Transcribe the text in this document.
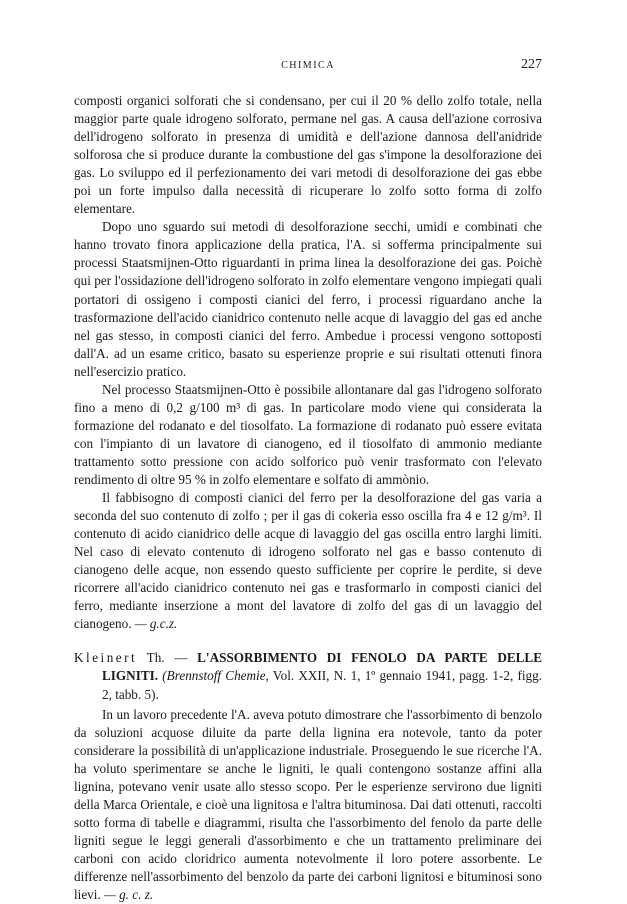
CHIMICA	227

composti organici solforati che si condensano, per cui il 20 % dello zolfo totale, nella maggior parte quale idrogeno solforato, permane nel gas. A causa dell'azione corrosiva dell'idrogeno solforato in presenza di umidità e dell'azione dannosa dell'anidride solforosa che si produce durante la combustione del gas s'impone la desolforazione dei gas. Lo sviluppo ed il perfezionamento dei vari metodi di desolforazione dei gas ebbe poi un forte impulso dalla necessità di ricuperare lo zolfo sotto forma di zolfo elementare.

Dopo uno sguardo sui metodi di desolforazione secchi, umidi e combinati che hanno trovato finora applicazione della pratica, l'A. si sofferma principalmente sui processi Staatsmijnen-Otto riguardanti in prima linea la desolforazione dei gas. Poichè qui per l'ossidazione dell'idrogeno solforato in zolfo elementare vengono impiegati quali portatori di ossigeno i composti cianici del ferro, i processi riguardano anche la trasformazione dell'acido cianidrico contenuto nelle acque di lavaggio del gas ed anche nel gas stesso, in composti cianici del ferro. Ambedue i processi vengono sottoposti dall'A. ad un esame critico, basato su esperienze proprie e sui risultati ottenuti finora nell'esercizio pratico.

Nel processo Staatsmijnen-Otto è possibile allontanare dal gas l'idrogeno solforato fino a meno di 0,2 g/100 m³ di gas. In particolare modo viene qui considerata la formazione del rodanato e del tiosolfato. La formazione di rodanato può essere evitata con l'impianto di un lavatore di cianogeno, ed il tiosolfato di ammonio mediante trattamento sotto pressione con acido solforico può venir trasformato con l'elevato rendimento di oltre 95 % in zolfo elementare e solfato di ammònio.

Il fabbisogno di composti cianici del ferro per la desolforazione del gas varia a seconda del suo contenuto di zolfo ; per il gas di cokeria esso oscilla fra 4 e 12 g/m³. Il contenuto di acido cianidrico delle acque di lavaggio del gas oscilla entro larghi limiti. Nel caso di elevato contenuto di idrogeno solforato nel gas e basso contenuto di cianogeno delle acque, non essendo questo sufficiente per coprire le perdite, si deve ricorrere all'acido cianidrico contenuto nei gas e trasformarlo in composti cianici del ferro, mediante inserzione a mont del lavatore di zolfo del gas di un lavaggio del cianogeno. — g.c.z.

Kleinert Th. — L'ASSORBIMENTO DI FENOLO DA PARTE DELLE LIGNITI. (Brennstoff Chemie, Vol. XXII, N. 1, 1º gennaio 1941, pagg. 1-2, figg. 2, tabb. 5).

In un lavoro precedente l'A. aveva potuto dimostrare che l'assorbimento di benzolo da soluzioni acquose diluite da parte della lignina era notevole, tanto da poter considerare la possibilità di un'applicazione industriale. Proseguendo le sue ricerche l'A. ha voluto sperimentare se anche le ligniti, le quali contengono sostanze affini alla lignina, potevano venir usate allo stesso scopo. Per le esperienze servirono due ligniti della Marca Orientale, e cioè una lignitosa e l'altra bituminosa. Dai dati ottenuti, raccolti sotto forma di tabelle e diagrammi, risulta che l'assorbimento del fenolo da parte delle ligniti segue le leggi generali d'assorbimento e che un trattamento preliminare dei carboni con acido cloridrico aumenta notevolmente il loro potere assorbente. Le differenze nell'assorbimento del benzolo da parte dei carboni lignitosi e bituminosi sono lievi. — g. c. z.
